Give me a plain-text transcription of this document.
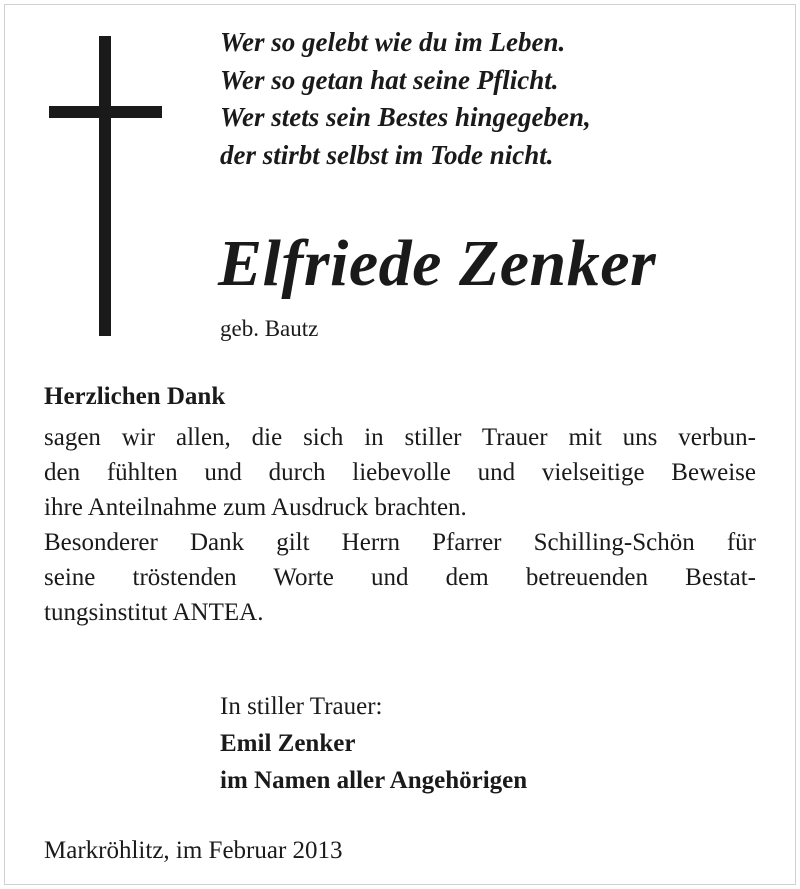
Wer so gelebt wie du im Leben.
Wer so getan hat seine Pflicht.
Wer stets sein Bestes hingegeben,
der stirbt selbst im Tode nicht.
Elfriede Zenker
geb. Bautz
Herzlichen Dank
sagen wir allen, die sich in stiller Trauer mit uns verbun-
den fühlten und durch liebevolle und vielseitige Beweise
ihre Anteilnahme zum Ausdruck brachten.
Besonderer Dank gilt Herrn Pfarrer Schilling-Schön für
seine tröstenden Worte und dem betreuenden Bestat-
tungsinstitut ANTEA.
In stiller Trauer:
Emil Zenker
im Namen aller Angehörigen
Markröhlitz, im Februar 2013
